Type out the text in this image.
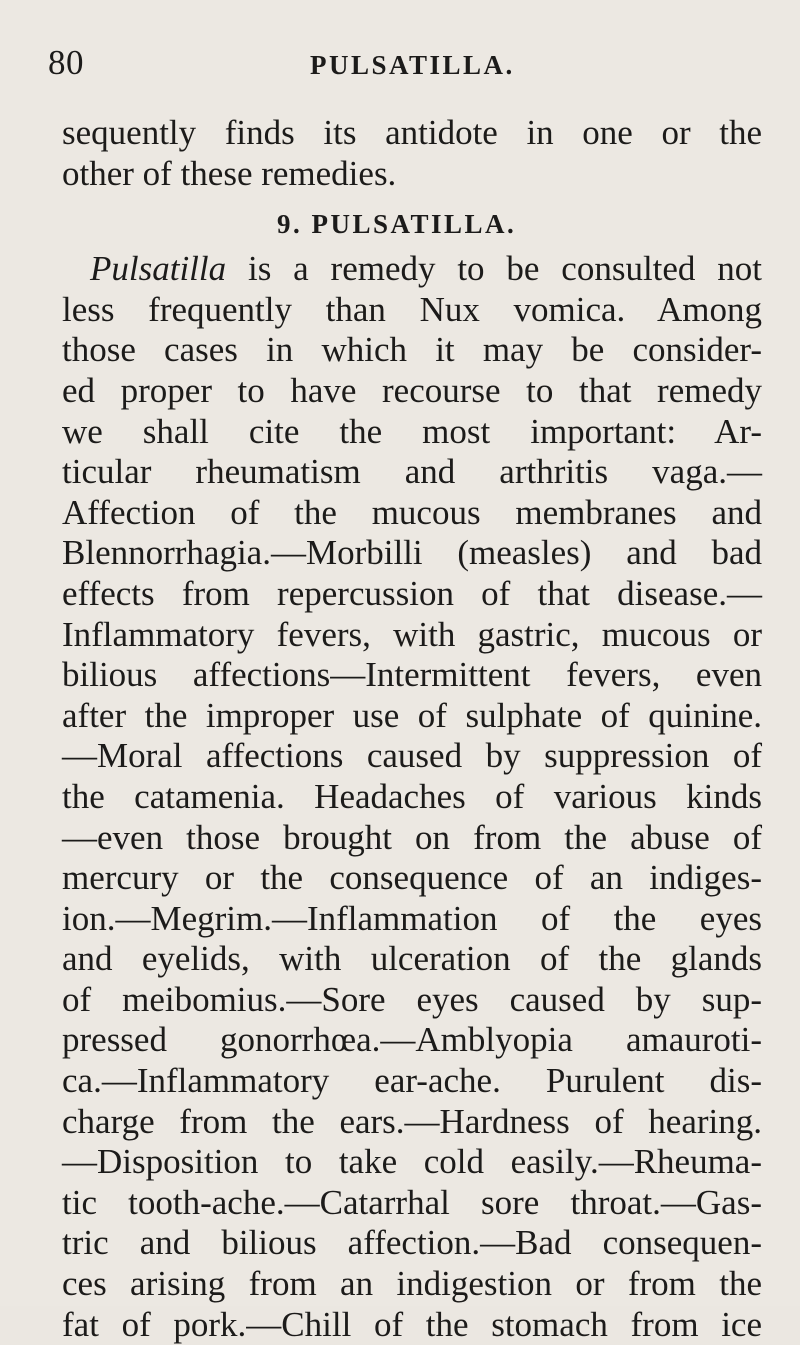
80	PULSATILLA.
sequently finds its antidote in one or the
other of these remedies.
9. PULSATILLA.
Pulsatilla is a remedy to be consulted not
less frequently than Nux vomica. Among
those cases in which it may be consider-
ed proper to have recourse to that remedy
we shall cite the most important: Ar-
ticular rheumatism and arthritis vaga.—
Affection of the mucous membranes and
Blennorrhagia.—Morbilli (measles) and bad
effects from repercussion of that disease.—
Inflammatory fevers, with gastric, mucous or
bilious affections—Intermittent fevers, even
after the improper use of sulphate of quinine.
—Moral affections caused by suppression of
the catamenia. Headaches of various kinds
—even those brought on from the abuse of
mercury or the consequence of an indiges-
ion.—Megrim.—Inflammation of the eyes
and eyelids, with ulceration of the glands
of meibomius.—Sore eyes caused by sup-
pressed gonorrhœa.—Amblyopia amauroti-
ca.—Inflammatory ear-ache. Purulent dis-
charge from the ears.—Hardness of hearing.
—Disposition to take cold easily.—Rheuma-
tic tooth-ache.—Catarrhal sore throat.—Gas-
tric and bilious affection.—Bad consequen-
ces arising from an indigestion or from the
fat of pork.—Chill of the stomach from ice
